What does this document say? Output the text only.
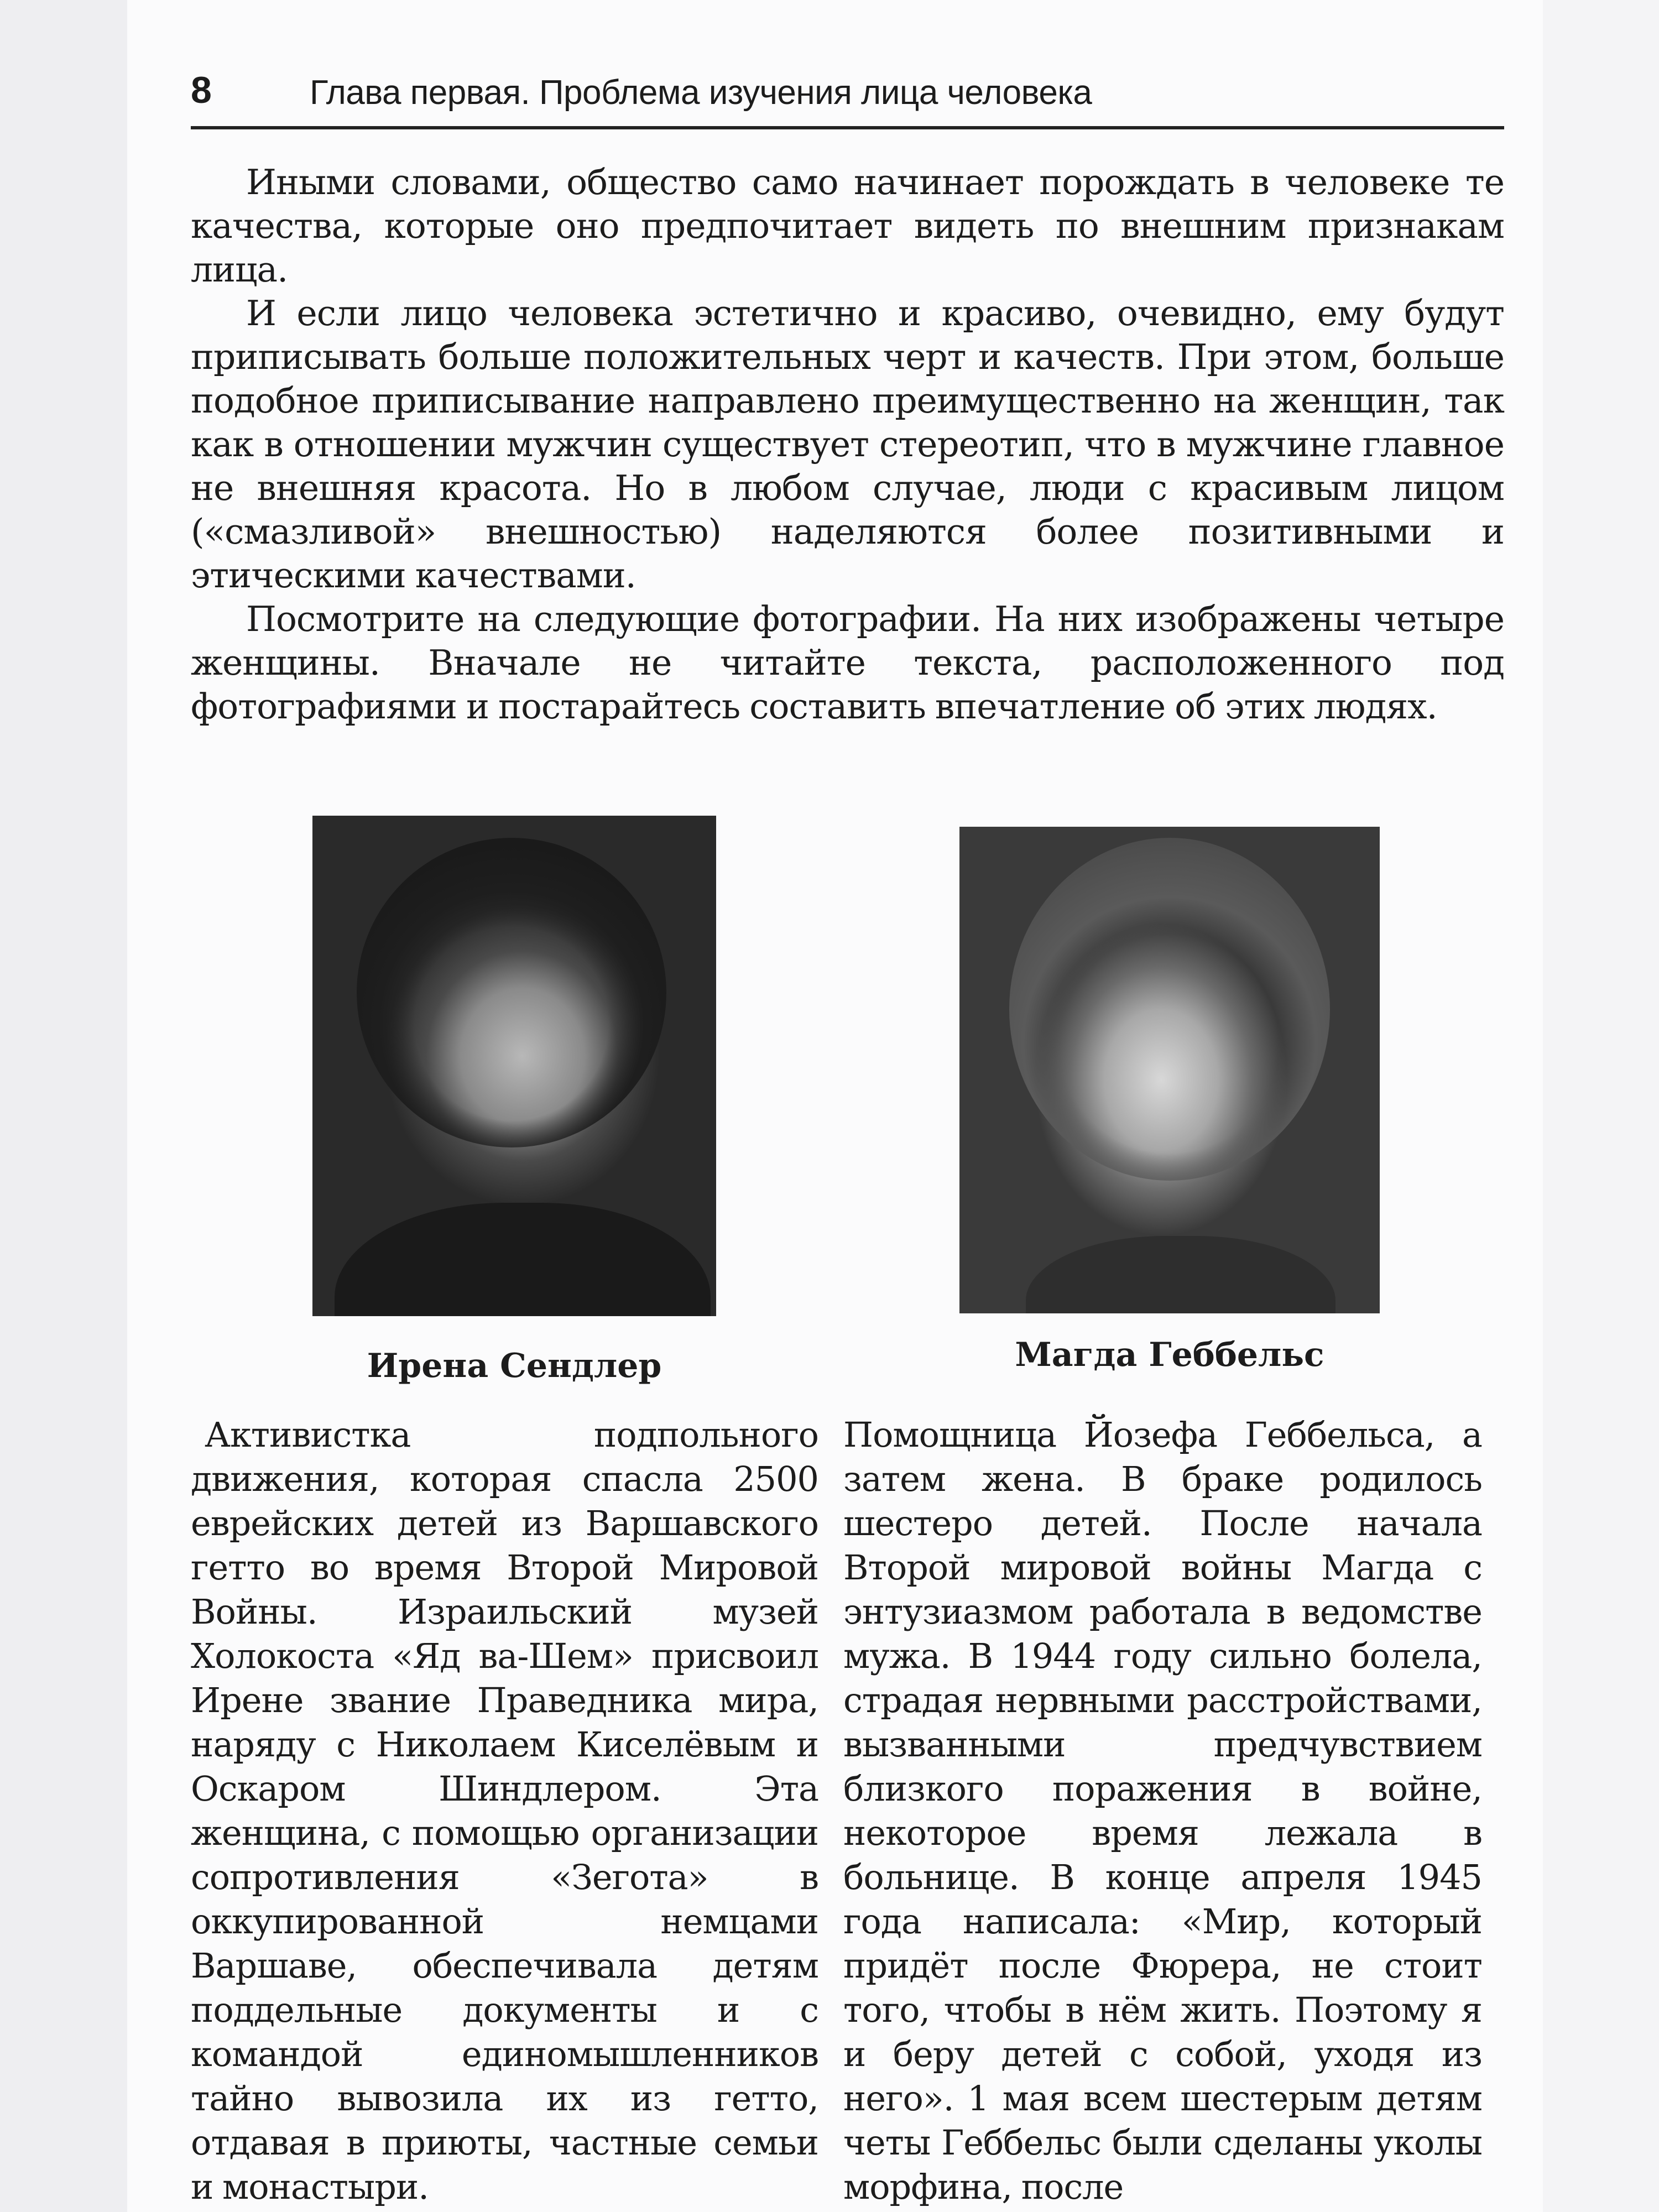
8	Глава первая. Проблема изучения лица человека

Иными словами, общество само начинает порождать в человеке те качества, которые оно предпочитает видеть по внешним признакам лица.

И если лицо человека эстетично и красиво, очевидно, ему будут приписывать больше положительных черт и качеств. При этом, больше подобное приписывание направлено преимущественно на женщин, так как в отношении мужчин существует стереотип, что в мужчине главное не внешняя красота. Но в любом случае, люди с красивым лицом («смазливой» внешностью) наделяются более позитивными и этическими качествами.

Посмотрите на следующие фотографии. На них изображены четыре женщины. Вначале не читайте текста, расположенного под фотографиями и постарайтесь составить впечатление об этих людях.

Ирена Сендлер	Магда Геббельс

Активистка подпольного движения, которая спасла 2500 еврейских детей из Варшавского гетто во время Второй Мировой Войны. Израильский музей Холокоста «Яд ва-Шем» присвоил Ирене звание Праведника мира, наряду с Николаем Киселёвым и Оскаром Шиндлером. Эта женщина, с помощью организации сопротивления «Зегота» в оккупированной немцами Варшаве, обеспечивала детям поддельные документы и с командой единомышленников тайно вывозила их из гетто, отдавая в приюты, частные семьи и монастыри.

Помощница Йозефа Геббельса, а затем жена. В браке родилось шестеро детей. После начала Второй мировой войны Магда с энтузиазмом работала в ведомстве мужа. В 1944 году сильно болела, страдая нервными расстройствами, вызванными предчувствием близкого поражения в войне, некоторое время лежала в больнице. В конце апреля 1945 года написала: «Мир, который придёт после Фюрера, не стоит того, чтобы в нём жить. Поэтому я и беру детей с собой, уходя из него». 1 мая всем шестерым детям четы Геббельс были сделаны уколы морфина, после
